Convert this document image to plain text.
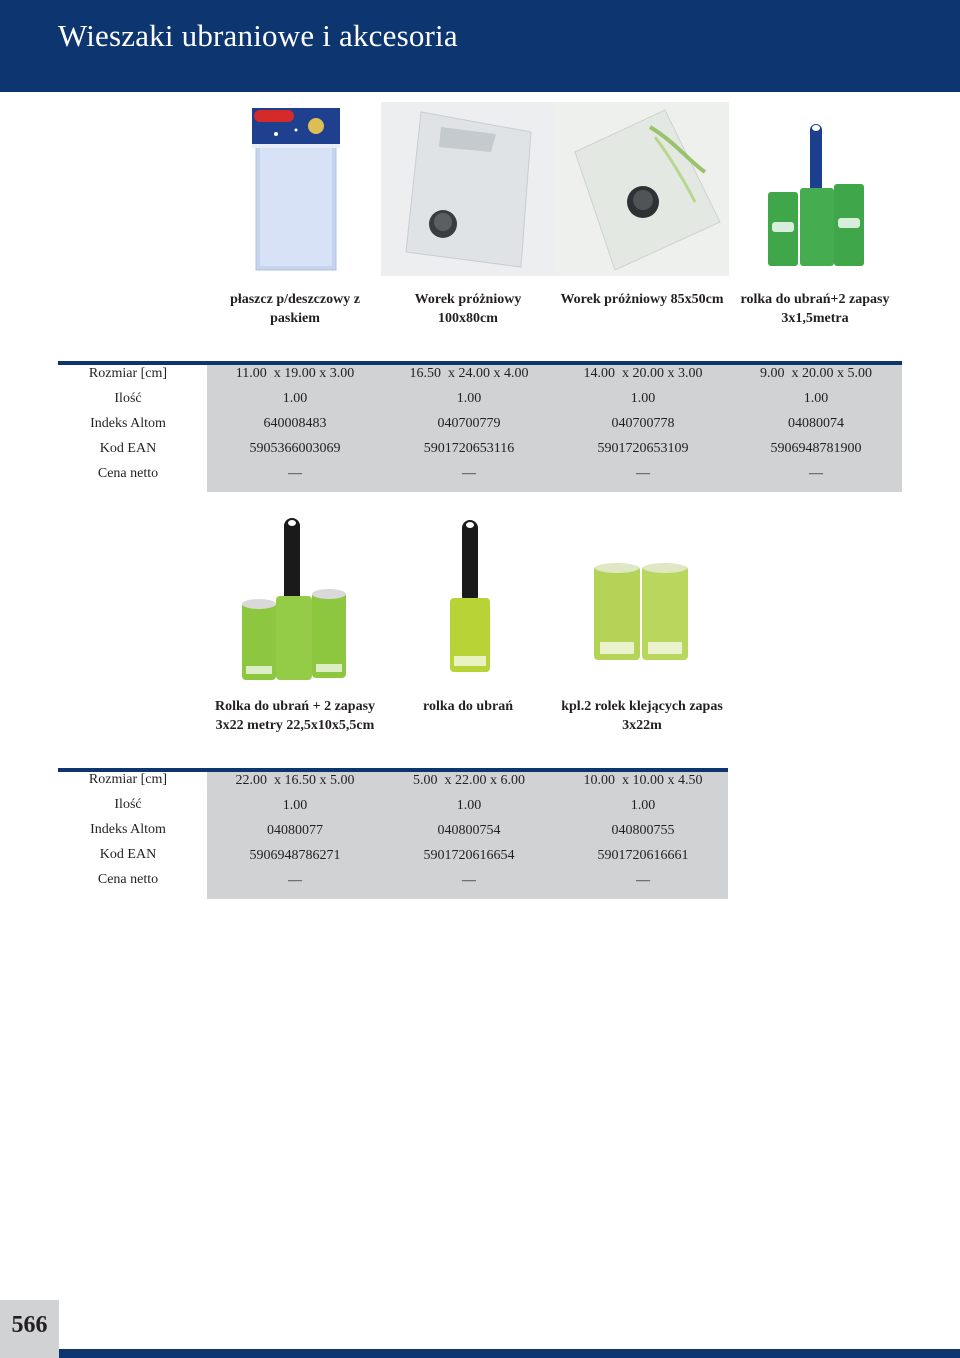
Wieszaki ubraniowe i akcesoria
płaszcz p/deszczowy z
paskiem
Worek próżniowy
100x80cm
Worek próżniowy 85x50cm	rolka do ubrań+2 zapasy
3x1,5metra
Rozmiar [cm]
Ilość
Indeks Altom
Kod EAN
Cena netto
11.00  x 19.00 x 3.00
1.00
640008483
5905366003069
—
16.50  x 24.00 x 4.00
1.00
040700779
5901720653116
—
14.00  x 20.00 x 3.00
1.00
040700778
5901720653109
—
9.00  x 20.00 x 5.00
1.00
04080074
5906948781900
—
Rolka do ubrań + 2 zapasy
3x22 metry 22,5x10x5,5cm
rolka do ubrań	kpl.2 rolek klejących zapas
3x22m
Rozmiar [cm]
Ilość
Indeks Altom
Kod EAN
Cena netto
22.00  x 16.50 x 5.00
1.00
04080077
5906948786271
—
5.00  x 22.00 x 6.00
1.00
040800754
5901720616654
—
10.00  x 10.00 x 4.50
1.00
040800755
5901720616661
—
566
